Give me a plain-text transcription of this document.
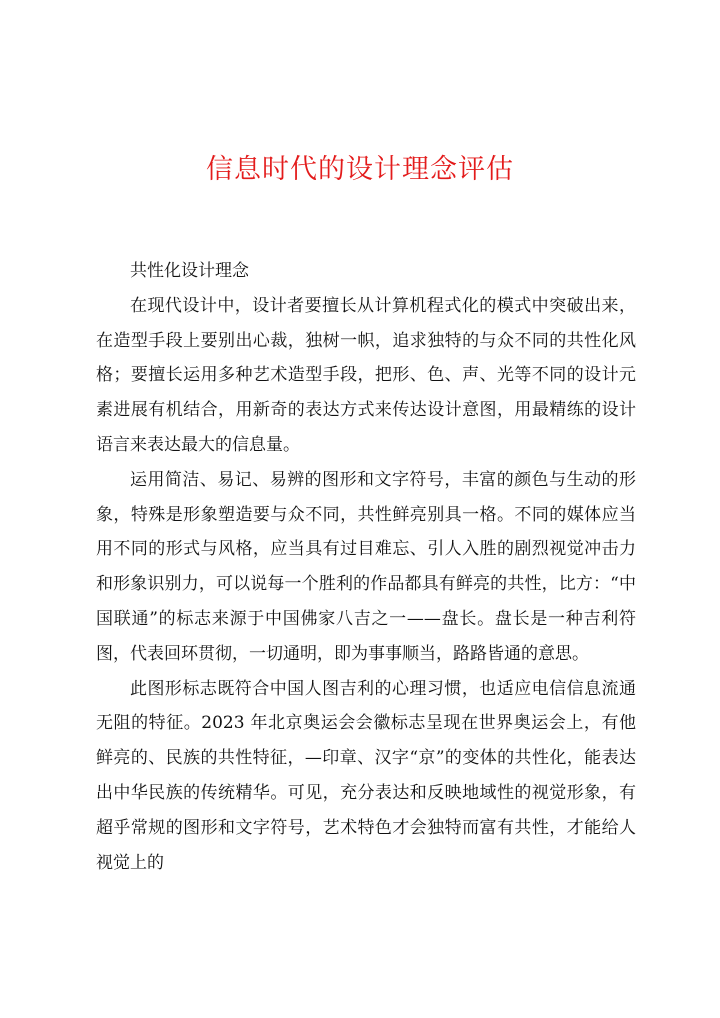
信息时代的设计理念评估

共性化设计理念

在现代设计中，设计者要擅长从计算机程式化的模式中突破出来，在造型手段上要别出心裁，独树一帜，追求独特的与众不同的共性化风格；要擅长运用多种艺术造型手段，把形、色、声、光等不同的设计元素进展有机结合，用新奇的表达方式来传达设计意图，用最精练的设计语言来表达最大的信息量。

运用简洁、易记、易辨的图形和文字符号，丰富的颜色与生动的形象，特殊是形象塑造要与众不同，共性鲜亮别具一格。不同的媒体应当用不同的形式与风格，应当具有过目难忘、引人入胜的剧烈视觉冲击力和形象识别力，可以说每一个胜利的作品都具有鲜亮的共性，比方：“中国联通”的标志来源于中国佛家八吉之一——盘长。盘长是一种吉利符图，代表回环贯彻，一切通明，即为事事顺当，路路皆通的意思。

此图形标志既符合中国人图吉利的心理习惯，也适应电信信息流通无阻的特征。2023 年北京奥运会会徽标志呈现在世界奥运会上，有他鲜亮的、民族的共性特征，—印章、汉字“京”的变体的共性化，能表达出中华民族的传统精华。可见，充分表达和反映地域性的视觉形象，有超乎常规的图形和文字符号，艺术特色才会独特而富有共性，才能给人视觉上的
